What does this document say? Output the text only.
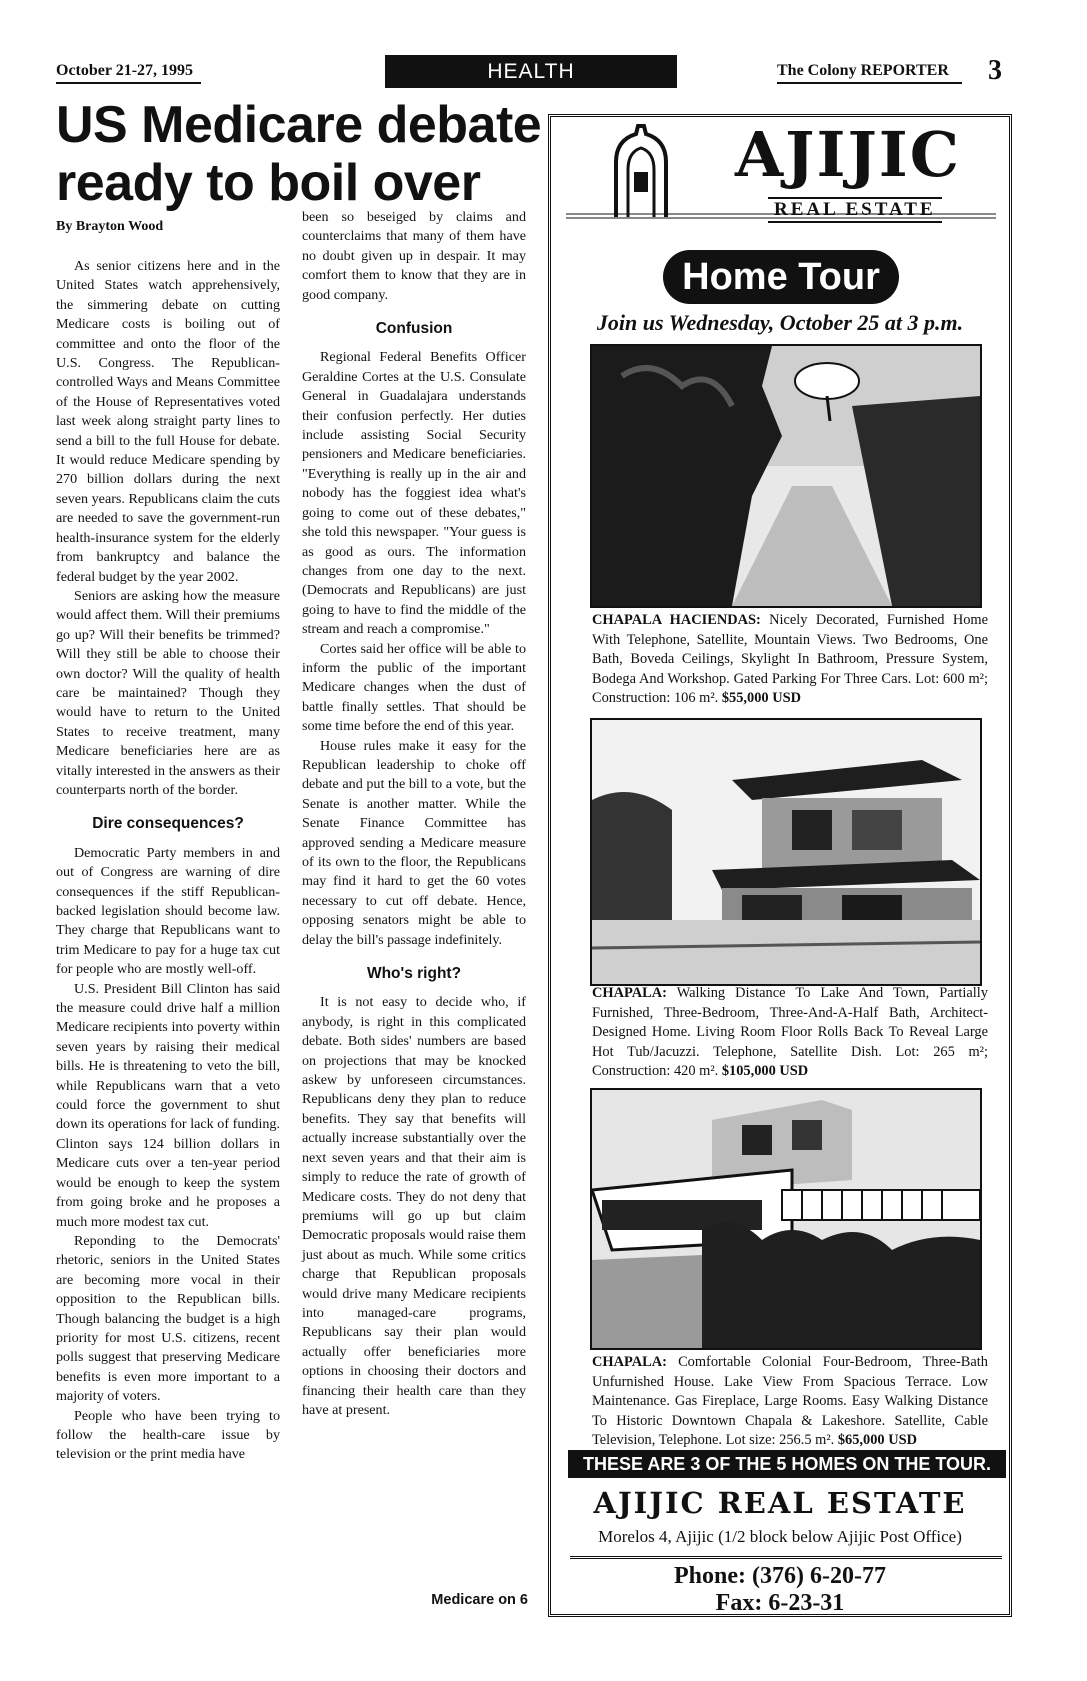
October 21-27, 1995	HEALTH	The Colony REPORTER	3
US Medicare debate
ready to boil over
By Brayton Wood

As senior citizens here and in the United States watch apprehensively, the simmering debate on cutting Medicare costs is boiling out of committee and onto the floor of the U.S. Congress. The Republican-controlled Ways and Means Committee of the House of Representatives voted last week along straight party lines to send a bill to the full House for debate. It would reduce Medicare spending by 270 billion dollars during the next seven years. Republicans claim the cuts are needed to save the government-run health-insurance system for the elderly from bankruptcy and balance the federal budget by the year 2002.

Seniors are asking how the measure would affect them. Will their premiums go up? Will their benefits be trimmed? Will they still be able to choose their own doctor? Will the quality of health care be maintained? Though they would have to return to the United States to receive treatment, many Medicare beneficiaries here are as vitally interested in the answers as their counterparts north of the border.

Dire consequences?

Democratic Party members in and out of Congress are warning of dire consequences if the stiff Republican-backed legislation should become law. They charge that Republicans want to trim Medicare to pay for a huge tax cut for people who are mostly well-off.

U.S. President Bill Clinton has said the measure could drive half a million Medicare recipients into poverty within seven years by raising their medical bills. He is threatening to veto the bill, while Republicans warn that a veto could force the government to shut down its operations for lack of funding. Clinton says 124 billion dollars in Medicare cuts over a ten-year period would be enough to keep the system from going broke and he proposes a much more modest tax cut.

Reponding to the Democrats' rhetoric, seniors in the United States are becoming more vocal in their opposition to the Republican bills. Though balancing the budget is a high priority for most U.S. citizens, recent polls suggest that preserving Medicare benefits is even more important to a majority of voters.

People who have been trying to follow the health-care issue by television or the print media have

been so beseiged by claims and counterclaims that many of them have no doubt given up in despair. It may comfort them to know that they are in good company.

Confusion

Regional Federal Benefits Officer Geraldine Cortes at the U.S. Consulate General in Guadalajara understands their confusion perfectly. Her duties include assisting Social Security pensioners and Medicare beneficiaries. "Everything is really up in the air and nobody has the foggiest idea what's going to come out of these debates," she told this newspaper. "Your guess is as good as ours. The information changes from one day to the next. (Democrats and Republicans) are just going to have to find the middle of the stream and reach a compromise."

Cortes said her office will be able to inform the public of the important Medicare changes when the dust of battle finally settles. That should be some time before the end of this year.

House rules make it easy for the Republican leadership to choke off debate and put the bill to a vote, but the Senate is another matter. While the Senate Finance Committee has approved sending a Medicare measure of its own to the floor, the Republicans may find it hard to get the 60 votes necessary to cut off debate. Hence, opposing senators might be able to delay the bill's passage indefinitely.

Who's right?

It is not easy to decide who, if anybody, is right in this complicated debate. Both sides' numbers are based on projections that may be knocked askew by unforeseen circumstances. Republicans deny they plan to reduce benefits. They say that benefits will actually increase substantially over the next seven years and that their aim is simply to reduce the rate of growth of Medicare costs. They do not deny that premiums will go up but claim Democratic proposals would raise them just about as much. While some critics charge that Republican proposals would drive many Medicare recipients into managed-care programs, Republicans say their plan would actually offer beneficiaries more options in choosing their doctors and financing their health care than they have at present.

Medicare on 6
AJIJIC
REAL ESTATE
Home Tour
Join us Wednesday, October 25 at 3 p.m.
CHAPALA HACIENDAS: Nicely Decorated, Furnished Home With Telephone, Satellite, Mountain Views. Two Bedrooms, One Bath, Boveda Ceilings, Skylight In Bathroom, Pressure System, Bodega And Workshop. Gated Parking For Three Cars. Lot: 600 m²; Construction: 106 m². $55,000 USD
CHAPALA: Walking Distance To Lake And Town, Partially Furnished, Three-Bedroom, Three-And-A-Half Bath, Architect-Designed Home. Living Room Floor Rolls Back To Reveal Large Hot Tub/Jacuzzi. Telephone, Satellite Dish. Lot: 265 m²; Construction: 420 m². $105,000 USD
CHAPALA: Comfortable Colonial Four-Bedroom, Three-Bath Unfurnished House. Lake View From Spacious Terrace. Low Maintenance. Gas Fireplace, Large Rooms. Easy Walking Distance To Historic Downtown Chapala & Lakeshore. Satellite, Cable Television, Telephone. Lot size: 256.5 m². $65,000 USD
THESE ARE 3 OF THE 5 HOMES ON THE TOUR.
AJIJIC REAL ESTATE
Morelos 4, Ajijic (1/2 block below Ajijic Post Office)
Phone: (376) 6-20-77
Fax: 6-23-31
